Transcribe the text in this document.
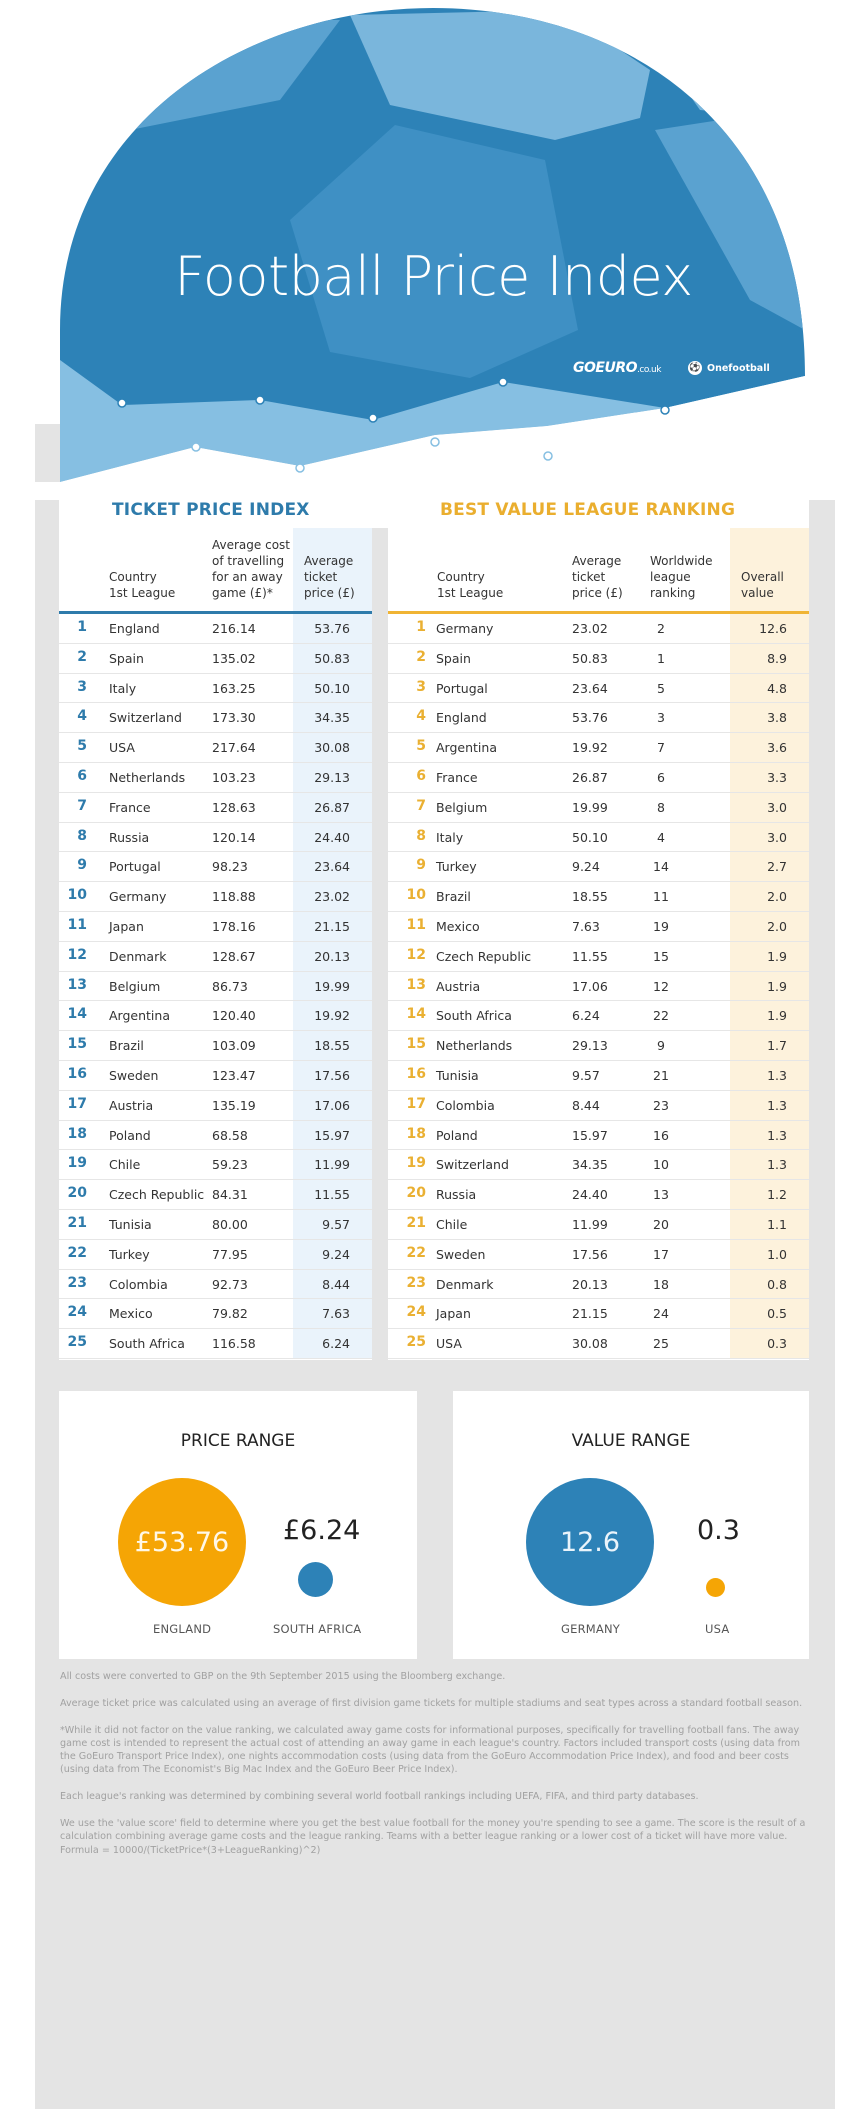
Football Price Index
GOEURO.co.uk	⚽ Onefootball
TICKET PRICE INDEX	BEST VALUE LEAGUE RANKING
Country
1st League
Average cost
of travelling
for an away
game (£)*
Average
ticket
price (£)
1 England	216.14	53.76
2 Spain	135.02	50.83
3 Italy	163.25	50.10
4 Switzerland 173.30	34.35
5 USA	217.64	30.08
6 Netherlands 103.23	29.13
7 France	128.63	26.87
8 Russia	120.14	24.40
9 Portugal	98.23	23.64
10 Germany	118.88	23.02
11 Japan	178.16	21.15
12 Denmark	128.67	20.13
13 Belgium	86.73	19.99
14 Argentina	120.40	19.92
15 Brazil	103.09	18.55
16 Sweden	123.47	17.56
17 Austria	135.19	17.06
18 Poland	68.58	15.97
19 Chile	59.23	11.99
20 Czech Republic 84.31	11.55
21 Tunisia	80.00	9.57
22 Turkey	77.95	9.24
23 Colombia	92.73	8.44
24 Mexico	79.82	7.63
25 South Africa 116.58	6.24
Country
1st League
Average
ticket
price (£)
Worldwide
league
ranking
Overall
value
1 Germany	23.02	2	12.6
2 Spain	50.83	1	8.9
3 Portugal	23.64	5	4.8
4 England	53.76	3	3.8
5 Argentina	19.92	7	3.6
6 France	26.87	6	3.3
7 Belgium	19.99	8	3.0
8 Italy	50.10	4	3.0
9 Turkey	9.24	14	2.7
10 Brazil	18.55	11	2.0
11 Mexico	7.63	19	2.0
12 Czech Republic	11.55	15	1.9
13 Austria	17.06	12	1.9
14 South Africa	6.24	22	1.9
15 Netherlands	29.13	9	1.7
16 Tunisia	9.57	21	1.3
17 Colombia	8.44	23	1.3
18 Poland	15.97	16	1.3
19 Switzerland	34.35	10	1.3
20 Russia	24.40	13	1.2
21 Chile	11.99	20	1.1
22 Sweden	17.56	17	1.0
23 Denmark	20.13	18	0.8
24 Japan	21.15	24	0.5
25 USA	30.08	25	0.3
PRICE RANGE
£53.76 £6.24
ENGLAND	SOUTH AFRICA
VALUE RANGE
12.6	0.3
GERMANY	USA

All costs were converted to GBP on the 9th September 2015 using the Bloomberg exchange.

Average ticket price was calculated using an average of first division game tickets for multiple stadiums and seat types across a standard football season.

*While it did not factor on the value ranking, we calculated away game costs for informational purposes, specifically for travelling football fans. The away game cost is intended to represent the actual cost of attending an away game in each league's country. Factors included transport costs (using data from the GoEuro Transport Price Index), one nights accommodation costs (using data from the GoEuro Accommodation Price Index), and food and beer costs (using data from The Economist's Big Mac Index and the GoEuro Beer Price Index).

Each league's ranking was determined by combining several world football rankings including UEFA, FIFA, and third party databases.

We use the 'value score' field to determine where you get the best value football for the money you're spending to see a game. The score is the result of a calculation combining average game costs and the league ranking. Teams with a better league ranking or a lower cost of a ticket will have more value.

Formula = 10000/(TicketPrice*(3+LeagueRanking)^2)
